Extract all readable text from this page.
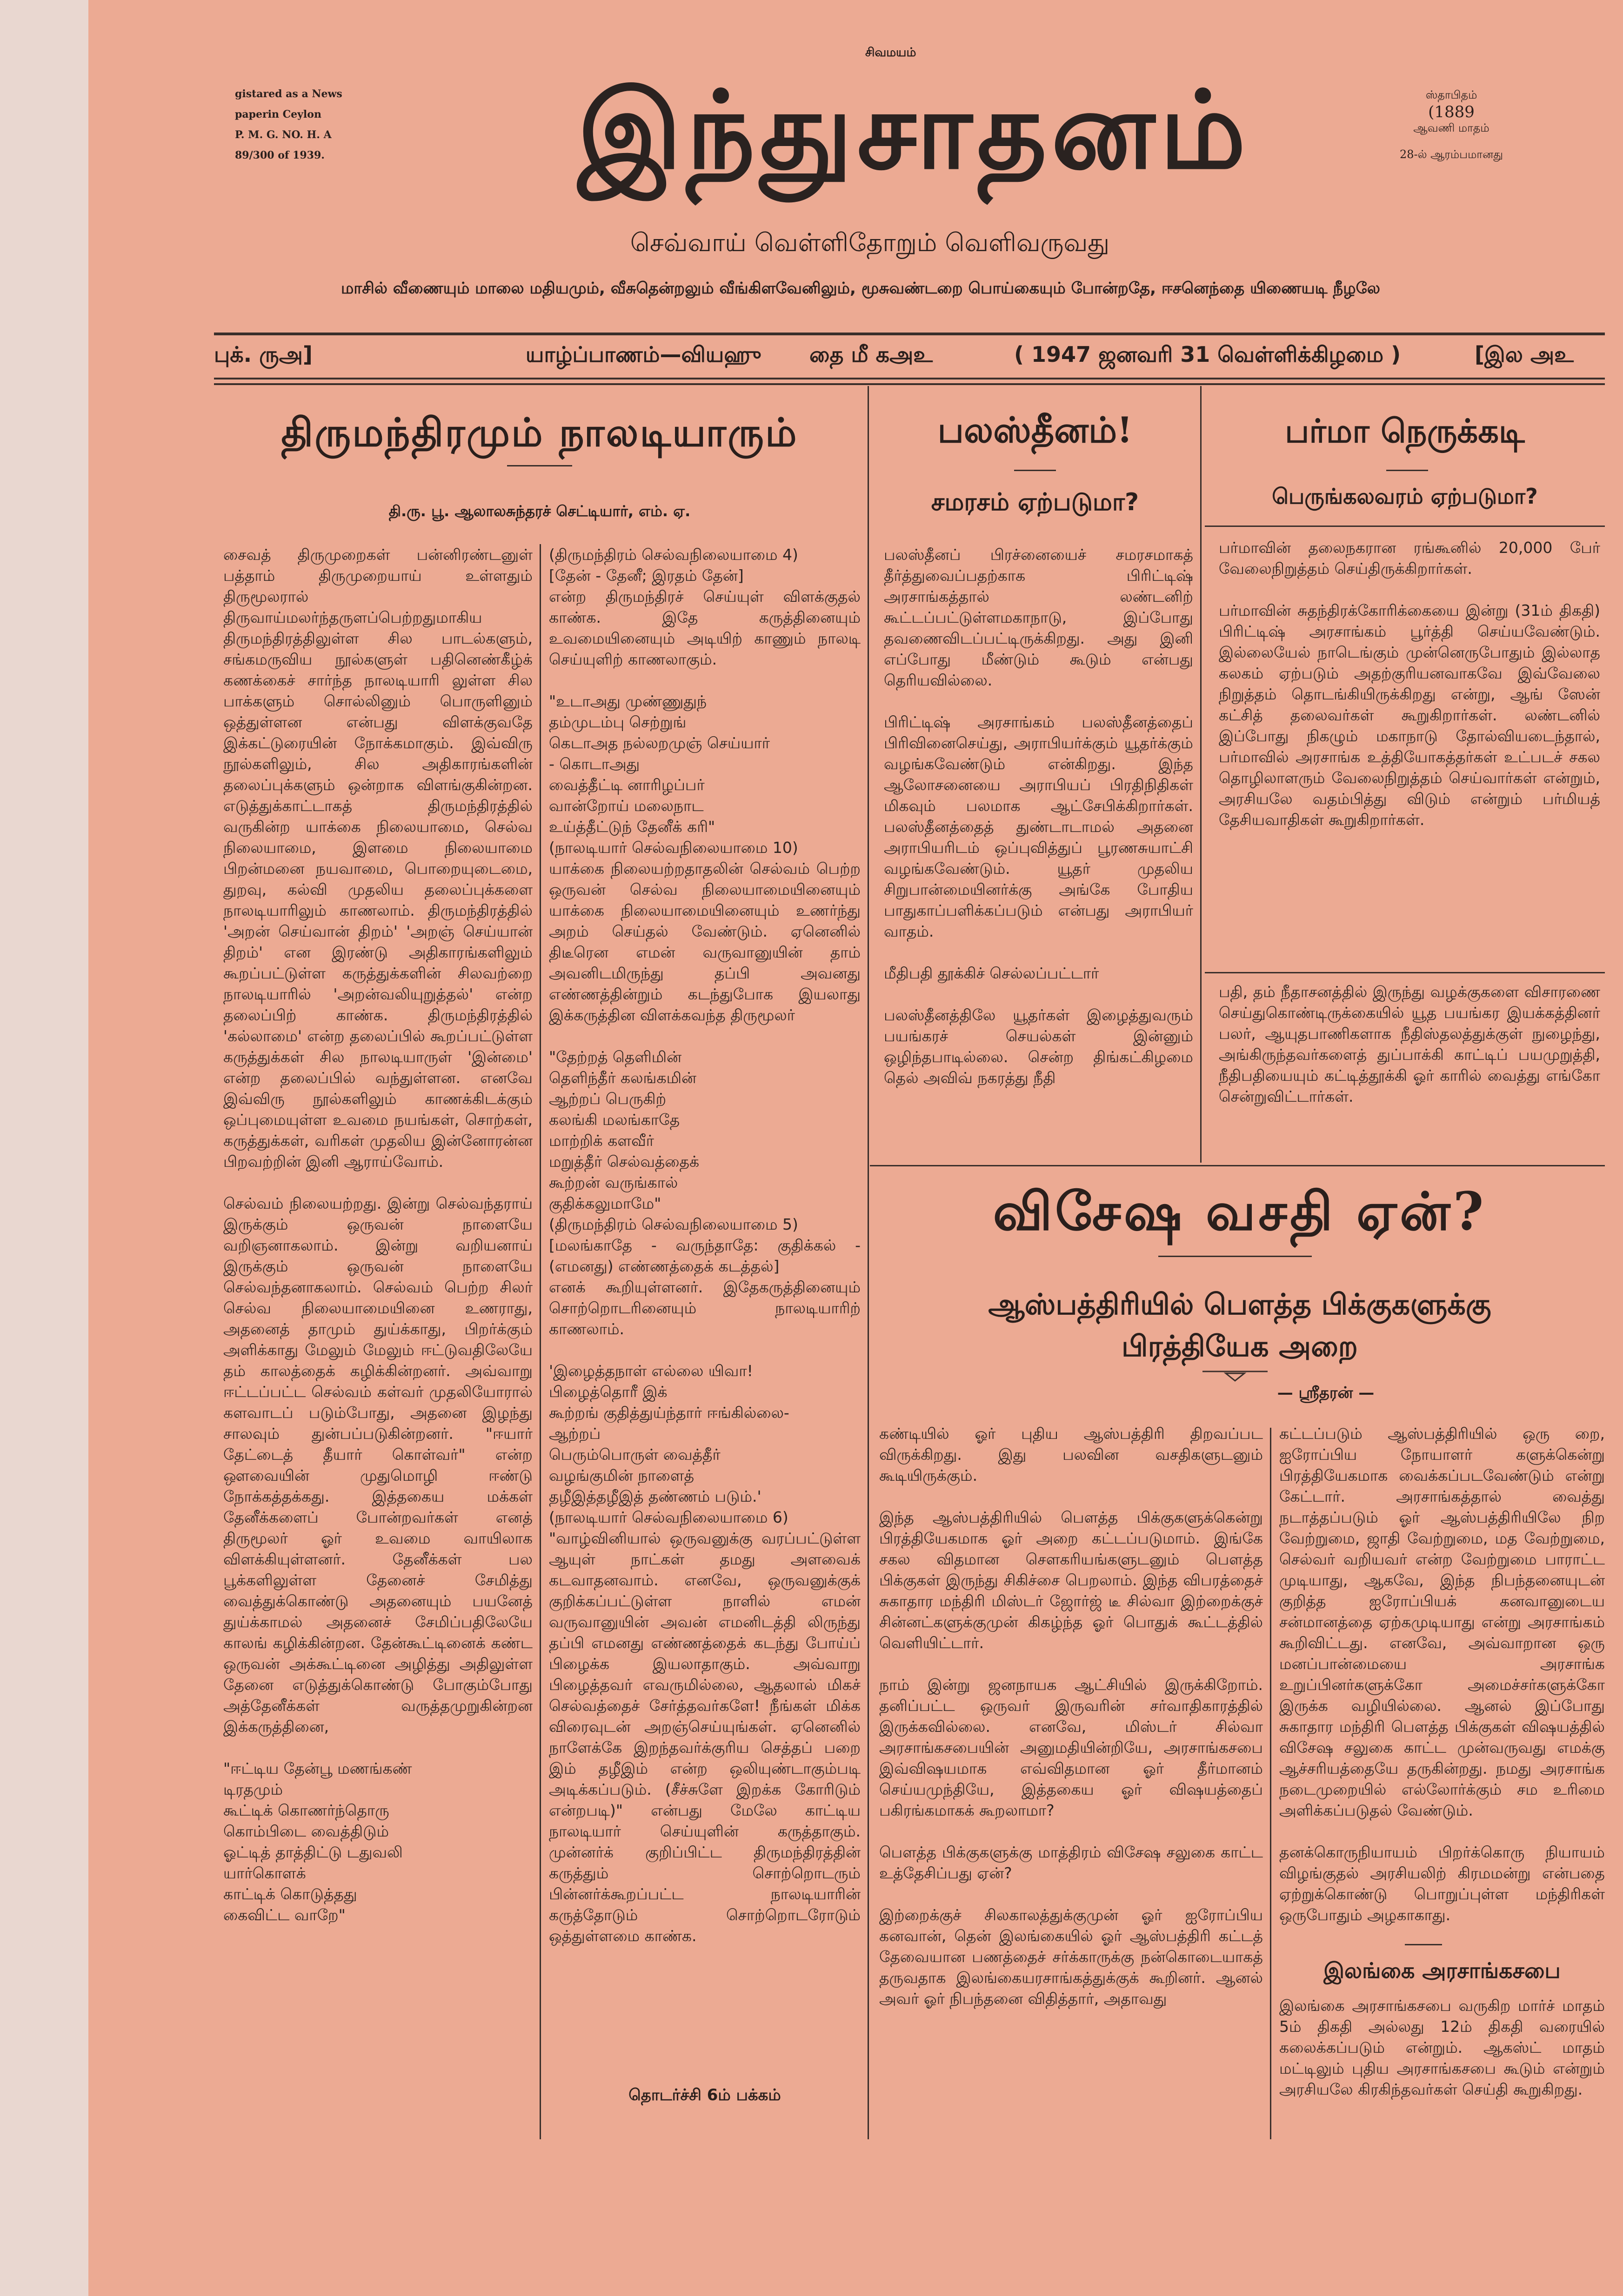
சிவமயம்
gistared as a News
paperin Ceylon
P. M. G. NO. H. A
89/300 of 1939.	இந்துசாதனம்	ஸ்தாபிதம்
(1889
ஆவணி மாதம்
28-ல் ஆரம்பமானது
செவ்வாய் வெள்ளிதோறும் வெளிவருவது
மாசில் வீணையும் மாலை மதியமும், வீசுதென்றலும் வீங்கிளவேனிலும், மூசுவண்டறை பொய்கையும் போன்றதே, ஈசனெந்தை யிணையடி நீழலே
புக். ருஅ]	யாழ்ப்பாணம்—வியஹு தை மீ கஅஉ	( 1947 ஜனவரி 31 வெள்ளிக்கிழமை )	[இல அஉ
திருமந்திரமும் நாலடியாரும்
தி.ரு. பூ. ஆலாலசுந்தரச் செட்டியார், எம். ஏ.
சைவத் திருமுறைகள் பன்னிரண்டனுள் பத்தாம் திருமுறையாய் உள்ளதும் திருமூலரால் திருவாய்மலர்ந்தருளப்பெற்றதுமாகிய திருமந்திரத்திலுள்ள சில பாடல்களும், சங்கமருவிய நூல்களுள் பதினெண்கீழ்க் கணக்கைச் சார்ந்த நாலடியாரி லுள்ள சில பாக்களும் சொல்லினும் பொருளினும் ஒத்துள்ளன என்பது விளக்குவதே இக்கட்டுரையின் நோக்கமாகும். இவ்விரு நூல்களிலும், சில அதிகாரங்களின் தலைப்புக்களும் ஒன்றாக விளங்குகின்றன. எடுத்துக்காட்டாகத் திருமந்திரத்தில் வருகின்ற யாக்கை நிலையாமை, செல்வ நிலையாமை, இளமை நிலையாமை பிறன்மனை நயவாமை, பொறையுடைமை, துறவு, கல்வி முதலிய தலைப்புக்களை நாலடியாரிலும் காணலாம். திருமந்திரத்தில் 'அறன் செய்வான் திறம்' 'அறஞ் செய்யான் திறம்' என இரண்டு அதிகாரங்களிலும் கூறப்பட்டுள்ள கருத்துக்களின் சிலவற்றை நாலடியாரில் 'அறன்வலியுறுத்தல்' என்ற தலைப்பிற் காண்க. திருமந்திரத்தில் 'கல்லாமை' என்ற தலைப்பில் கூறப்பட்டுள்ள கருத்துக்கள் சில நாலடியாருள் 'இன்மை' என்ற தலைப்பில் வந்துள்ளன. எனவே இவ்விரு நூல்களிலும் காணக்கிடக்கும் ஒப்புமையுள்ள உவமை நயங்கள், சொற்கள், கருத்துக்கள், வரிகள் முதலிய இன்னோரன்ன பிறவற்றின் இனி ஆராய்வோம்.

செல்வம் நிலையற்றது. இன்று செல்வந்தராய் இருக்கும் ஒருவன் நாளையே வறிஞனாகலாம். இன்று வறியனாய் இருக்கும் ஒருவன் நாளையே செல்வந்தனாகலாம். செல்வம் பெற்ற சிலர் செல்வ நிலையாமையினை உணராது, அதனைத் தாமும் துய்க்காது, பிறர்க்கும் அளிக்காது மேலும் மேலும் ஈட்டுவதிலேயே தம் காலத்தைக் கழிக்கின்றனர். அவ்வாறு ஈட்டப்பட்ட செல்வம் கள்வர் முதலியோரால் களவாடப் படும்போது, அதனை இழந்து சாலவும் துன்பப்படுகின்றனர். "ஈயார் தேட்டைத் தீயார் கொள்வர்" என்ற ஔவையின் முதுமொழி ஈண்டு நோக்கத்தக்கது. இத்தகைய மக்கள் தேனீக்களைப் போன்றவர்கள் எனத் திருமூலர் ஓர் உவமை வாயிலாக விளக்கியுள்ளனர். தேனீக்கள் பல பூக்களிலுள்ள தேனைச் சேமித்து வைத்துக்கொண்டு அதனையும் பயனேத் துய்க்காமல் அதனைச் சேமிப்பதிலேயே காலங் கழிக்கின்றன. தேன்கூட்டினைக் கண்ட ஒருவன் அக்கூட்டினை அழித்து அதிலுள்ள தேனை எடுத்துக்கொண்டு போகும்போது அத்தேனீக்கள் வருத்தமுறுகின்றன இக்கருத்தினை,

"ஈட்டிய தேன்பூ மணங்கண்
டிரதமும்
கூட்டிக் கொணர்ந்தொரு
கொம்பிடை வைத்திடும்
ஓட்டித் தாத்திட்டு டதுவலி
யார்கொளக்
காட்டிக் கொடுத்தது
கைவிட்ட வாறே"
(திருமந்திரம் செல்வநிலையாமை 4)
[தேன் - தேனீ; இரதம் தேன்]
என்ற திருமந்திரச் செய்யுள் விளக்குதல் காண்க. இதே கருத்தினையும் உவமையினையும் அடியிற் காணும் நாலடி செய்யுளிற் காணலாகும்.

"உடாஅது முண்ணுதுந்
தம்முடம்பு செற்றுங்
கெடாஅத நல்லறமுஞ் செய்யார்
- கொடாஅது
வைத்தீட்டி னாரிழப்பர்
வான்றோய் மலைநாட
உய்த்தீட்டுந் தேனீக் கரி"
(நாலடியார் செல்வநிலையாமை 10)
யாக்கை நிலையற்றதாதலின் செல்வம் பெற்ற ஒருவன் செல்வ நிலையாமையினையும் யாக்கை நிலையாமையினையும் உணர்ந்து அறம் செய்தல் வேண்டும். ஏனெனில் திடீரென எமன் வருவானுயின் தாம் அவனிடமிருந்து தப்பி அவனது எண்ணத்தின்றும் கடந்துபோக இயலாது இக்கருத்தின விளக்கவந்த திருமூலர்

"தேற்றத் தெளிமின்
தெளிந்தீர் கலங்கமின்
ஆற்றப் பெருகிற்
கலங்கி மலங்காதே
மாற்றிக் களவீர்
மறுத்தீர் செல்வத்தைக்
கூற்றன் வருங்கால்
குதிக்கலுமாமே"
(திருமந்திரம் செல்வநிலையாமை 5)
[மலங்காதே - வருந்தாதே: குதிக்கல் - (எமனது) எண்ணத்தைக் கடத்தல்]
எனக் கூறியுள்ளனர். இதேகருத்தினையும் சொற்றொடரினையும் நாலடியாரிற் காணலாம்.

'இழைத்தநாள் எல்லை யிவா!
பிழைத்தொரீ இக்
கூற்றங் குதித்துய்ந்தார் ஈங்கில்லை-
ஆற்றப்
பெரும்பொருள் வைத்தீர்
வழங்குமின் நாளைத்
தழீஇத்தழீஇத் தண்ணம் படும்.'
(நாலடியார் செல்வநிலையாமை 6)
"வாழ்வினியால் ஒருவனுக்கு வரப்பட்டுள்ள ஆயுள் நாட்கள் தமது அளவைக் கடவாதனவாம். எனவே, ஒருவனுக்குக் குறிக்கப்பட்டுள்ள நாளில் எமன் வருவானுயின் அவன் எமனிடத்தி லிருந்து தப்பி எமனது எண்ணத்தைக் கடந்து போய்ப் பிழைக்க இயலாதாகும். அவ்வாறு பிழைத்தவர் எவருமில்லை, ஆதலால் மிகச் செல்வத்தைச் சேர்த்தவர்களே! நீங்கள் மிக்க விரைவுடன் அறஞ்செய்யுங்கள். ஏனெனில் நாளேக்கே இறந்தவர்க்குரிய செத்தப் பறை இம் தழீஇம் என்ற ஒலியுண்டாகும்படி அடிக்கப்படும். (சீச்சுளே இறக்க கோரிடும் என்றபடி)" என்பது மேலே காட்டிய நாலடியார் செய்யுளின் கருத்தாகும். முன்னர்க் குறிப்பிட்ட திருமந்திரத்தின் கருத்தும் சொற்றொடரும் பின்னர்க்கூறப்பட்ட நாலடியாரின் கருத்தோடும் சொற்றொடரோடும் ஒத்துள்ளமை காண்க.
தொடர்ச்சி 6ம் பக்கம்
பலஸ்தீனம்!
சமரசம் ஏற்படுமா?
பலஸ்தீனப் பிரச்னையைச் சமரசமாகத் தீர்த்துவைப்பதற்காக பிரிட்டிஷ் அரசாங்கத்தால் லண்டனிற் கூட்டப்பட்டுள்ளமகாநாடு, இப்போது தவணைவிடப்பட்டிருக்கிறது. அது இனி எப்போது மீண்டும் கூடும் என்பது தெரியவில்லை.

பிரிட்டிஷ் அரசாங்கம் பலஸ்தீனத்தைப் பிரிவினைசெய்து, அராபியர்க்கும் யூதர்க்கும் வழங்கவேண்டும் என்கிறது. இந்த ஆலோசனையை அராபியப் பிரதிநிதிகள் மிகவும் பலமாக ஆட்சேபிக்கிறார்கள். பலஸ்தீனத்தைத் துண்டாடாமல் அதனை அராபியரிடம் ஒப்புவித்துப் பூரணசுயாட்சி வழங்கவேண்டும். யூதர் முதலிய சிறுபான்மையினர்க்கு அங்கே போதிய பாதுகாப்பளிக்கப்படும் என்பது அராபியர் வாதம்.

மீதிபதி தூக்கிச் செல்லப்பட்டார்

பலஸ்தீனத்திலே யூதர்கள் இழைத்துவரும் பயங்கரச் செயல்கள் இன்னும் ஒழிந்தபாடில்லை. சென்ற திங்கட்கிழமை தெல் அவிவ் நகரத்து நீதி
பர்மா நெருக்கடி
பெருங்கலவரம் ஏற்படுமா?
பர்மாவின் தலைநகரான ரங்கூனில் 20,000 பேர் வேலைநிறுத்தம் செய்திருக்கிறார்கள்.

பர்மாவின் சுதந்திரக்கோரிக்கையை இன்று (31ம் திகதி) பிரிட்டிஷ் அரசாங்கம் பூர்த்தி செய்யவேண்டும். இல்லையேல் நாடெங்கும் முன்னெருபோதும் இல்லாத கலகம் ஏற்படும் அதற்குரியனவாகவே இவ்வேலை நிறுத்தம் தொடங்கியிருக்கிறது என்று, ஆங் ஸேன் கட்சித் தலைவர்கள் கூறுகிறார்கள். லண்டனில் இப்போது நிகழும் மகாநாடு தோல்வியடைந்தால், பர்மாவில் அரசாங்க உத்தியோகத்தர்கள் உட்படச் சகல தொழிலாளரும் வேலைநிறுத்தம் செய்வார்கள் என்றும், அரசியலே வதம்பித்து விடும் என்றும் பர்மியத் தேசியவாதிகள் கூறுகிறார்கள்.
பதி, தம் நீதாசனத்தில் இருந்து வழக்குகளை விசாரணை செய்துகொண்டிருக்கையில் யூத பயங்கர இயக்கத்தினர் பலர், ஆயுதபாணிகளாக நீதிஸ்தலத்துக்குள் நுழைந்து, அங்கிருந்தவர்களைத் துப்பாக்கி காட்டிப் பயமுறுத்தி, நீதிபதியையும் கட்டித்தூக்கி ஓர் காரில் வைத்து எங்கோ சென்றுவிட்டார்கள்.
விசேஷ வசதி ஏன்?
ஆஸ்பத்திரியில் பௌத்த பிக்குகளுக்கு பிரத்தியேக அறை
— ஸ்ரீதரன் —
கண்டியில் ஓர் புதிய ஆஸ்பத்திரி திறவப்பட விருக்கிறது. இது பலவின வசதிகளுடனும் கூடியிருக்கும்.

இந்த ஆஸ்பத்திரியில் பௌத்த பிக்குகளுக்கென்று பிரத்தியேகமாக ஓர் அறை கட்டப்படுமாம். இங்கே சகல விதமான சௌகரியங்களுடனும் பௌத்த பிக்குகள் இருந்து சிகிச்சை பெறலாம். இந்த விபரத்தைச் சுகாதார மந்திரி மிஸ்டர் ஜோர்ஜ் டீ சில்வா இற்றைக்குச் சின்னட்களுக்குமுன் கிகழ்ந்த ஓர் பொதுக் கூட்டத்தில் வெளியிட்டார்.

நாம் இன்று ஜனநாயக ஆட்சியில் இருக்கிறோம். தனிப்பட்ட ஒருவர் இருவரின் சர்வாதிகாரத்தில் இருக்கவில்லை. எனவே, மிஸ்டர் சில்வா அரசாங்கசபையின் அனுமதியின்றியே, அரசாங்கசபை இவ்விஷயமாக எவ்விதமான ஓர் தீர்மானம் செய்யமுந்தியே, இத்தகைய ஓர் விஷயத்தைப் பகிரங்கமாகக் கூறலாமா?

பௌத்த பிக்குகளுக்கு மாத்திரம் விசேஷ சலுகை காட்ட உத்தேசிப்பது ஏன்?

இற்றைக்குச் சிலகாலத்துக்குமுன் ஓர் ஐரோப்பிய கனவான், தென் இலங்கையில் ஓர் ஆஸ்பத்திரி கட்டத் தேவையான பணத்தைச் சர்க்காருக்கு நன்கொடையாகத் தருவதாக இலங்கையரசாங்கத்துக்குக் கூறினர். ஆனல் அவர் ஓர் நிபந்தனை விதித்தார், அதாவது
கட்டப்படும் ஆஸ்பத்திரியில் ஒரு றை, ஐரோப்பிய நோயாளர் களுக்கென்று பிரத்தியேகமாக வைக்கப்படவேண்டும் என்று கேட்டார். அரசாங்கத்தால் வைத்து நடாத்தப்படும் ஓர் ஆஸ்பத்திரியிலே நிற வேற்றுமை, ஜாதி வேற்றுமை, மத வேற்றுமை, செல்வர் வறியவர் என்ற வேற்றுமை பாராட்ட முடியாது, ஆகவே, இந்த நிபந்தனையுடன் குறித்த ஐரோப்பியக் கனவானுடைய சன்மானத்தை ஏற்கமுடியாது என்று அரசாங்கம் கூறிவிட்டது. எனவே, அவ்வாறான ஒரு மனப்பான்மையை அரசாங்க உறுப்பினர்களுக்கோ அமைச்சர்களுக்கோ இருக்க வழியில்லை. ஆனல் இப்போது சுகாதார மந்திரி பௌத்த பிக்குகள் விஷயத்தில் விசேஷ சலுகை காட்ட முன்வருவது எமக்கு ஆச்சரியத்தையே தருகின்றது. நமது அரசாங்க நடைமுறையில் எல்லோர்க்கும் சம உரிமை அளிக்கப்படுதல் வேண்டும்.

தனக்கொருநியாயம் பிறர்க்கொரு நியாயம் விழங்குதல் அரசியலிற் கிரமமன்று என்பதை ஏற்றுக்கொண்டு பொறுப்புள்ள மந்திரிகள் ஒருபோதும் அழகாகாது.

இலங்கை அரசாங்கசபை
இலங்கை அரசாங்கசபை வருகிற மார்ச் மாதம் 5ம் திகதி அல்லது 12ம் திகதி வரையில் கலைக்கப்படும் என்றும். ஆகஸ்ட் மாதம் மட்டிலும் புதிய அரசாங்கசபை கூடும் என்றும் அரசியலே கிரகிந்தவர்கள் செய்தி கூறுகிறது.
